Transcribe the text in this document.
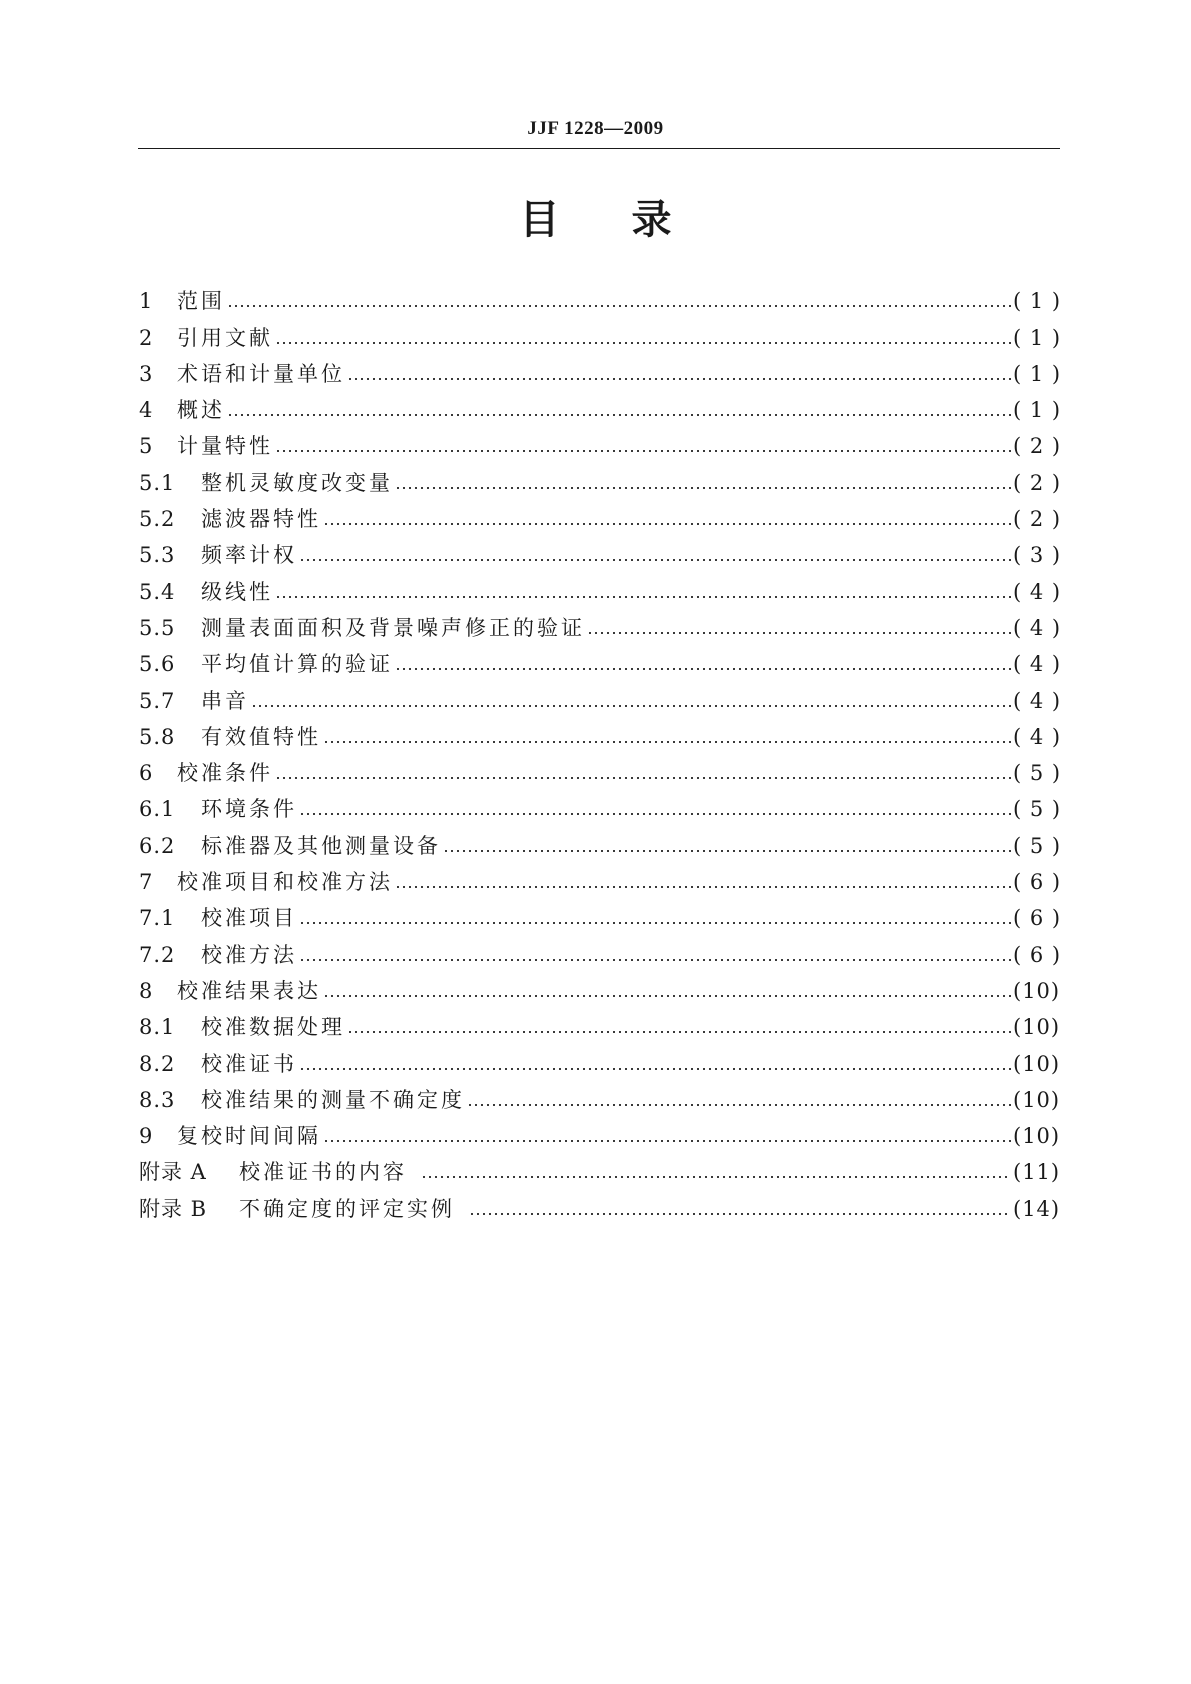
JJF 1228—2009
目 录
1	范围	( 1 )
2	引用文献	( 1 )
3	术语和计量单位	( 1 )
4	概述	( 1 )
5	计量特性	( 2 )
5.1	整机灵敏度改变量	( 2 )
5.2	滤波器特性	( 2 )
5.3	频率计权	( 3 )
5.4	级线性	( 4 )
5.5	测量表面面积及背景噪声修正的验证	( 4 )
5.6	平均值计算的验证	( 4 )
5.7	串音	( 4 )
5.8	有效值特性	( 4 )
6	校准条件	( 5 )
6.1	环境条件	( 5 )
6.2	标准器及其他测量设备	( 5 )
7	校准项目和校准方法	( 6 )
7.1	校准项目	( 6 )
7.2	校准方法	( 6 )
8	校准结果表达	(10)
8.1	校准数据处理	(10)
8.2	校准证书	(10)
8.3	校准结果的测量不确定度	(10)
9	复校时间间隔	(10)
附录 A	校准证书的内容	(11)
附录 B	不确定度的评定实例	(14)
